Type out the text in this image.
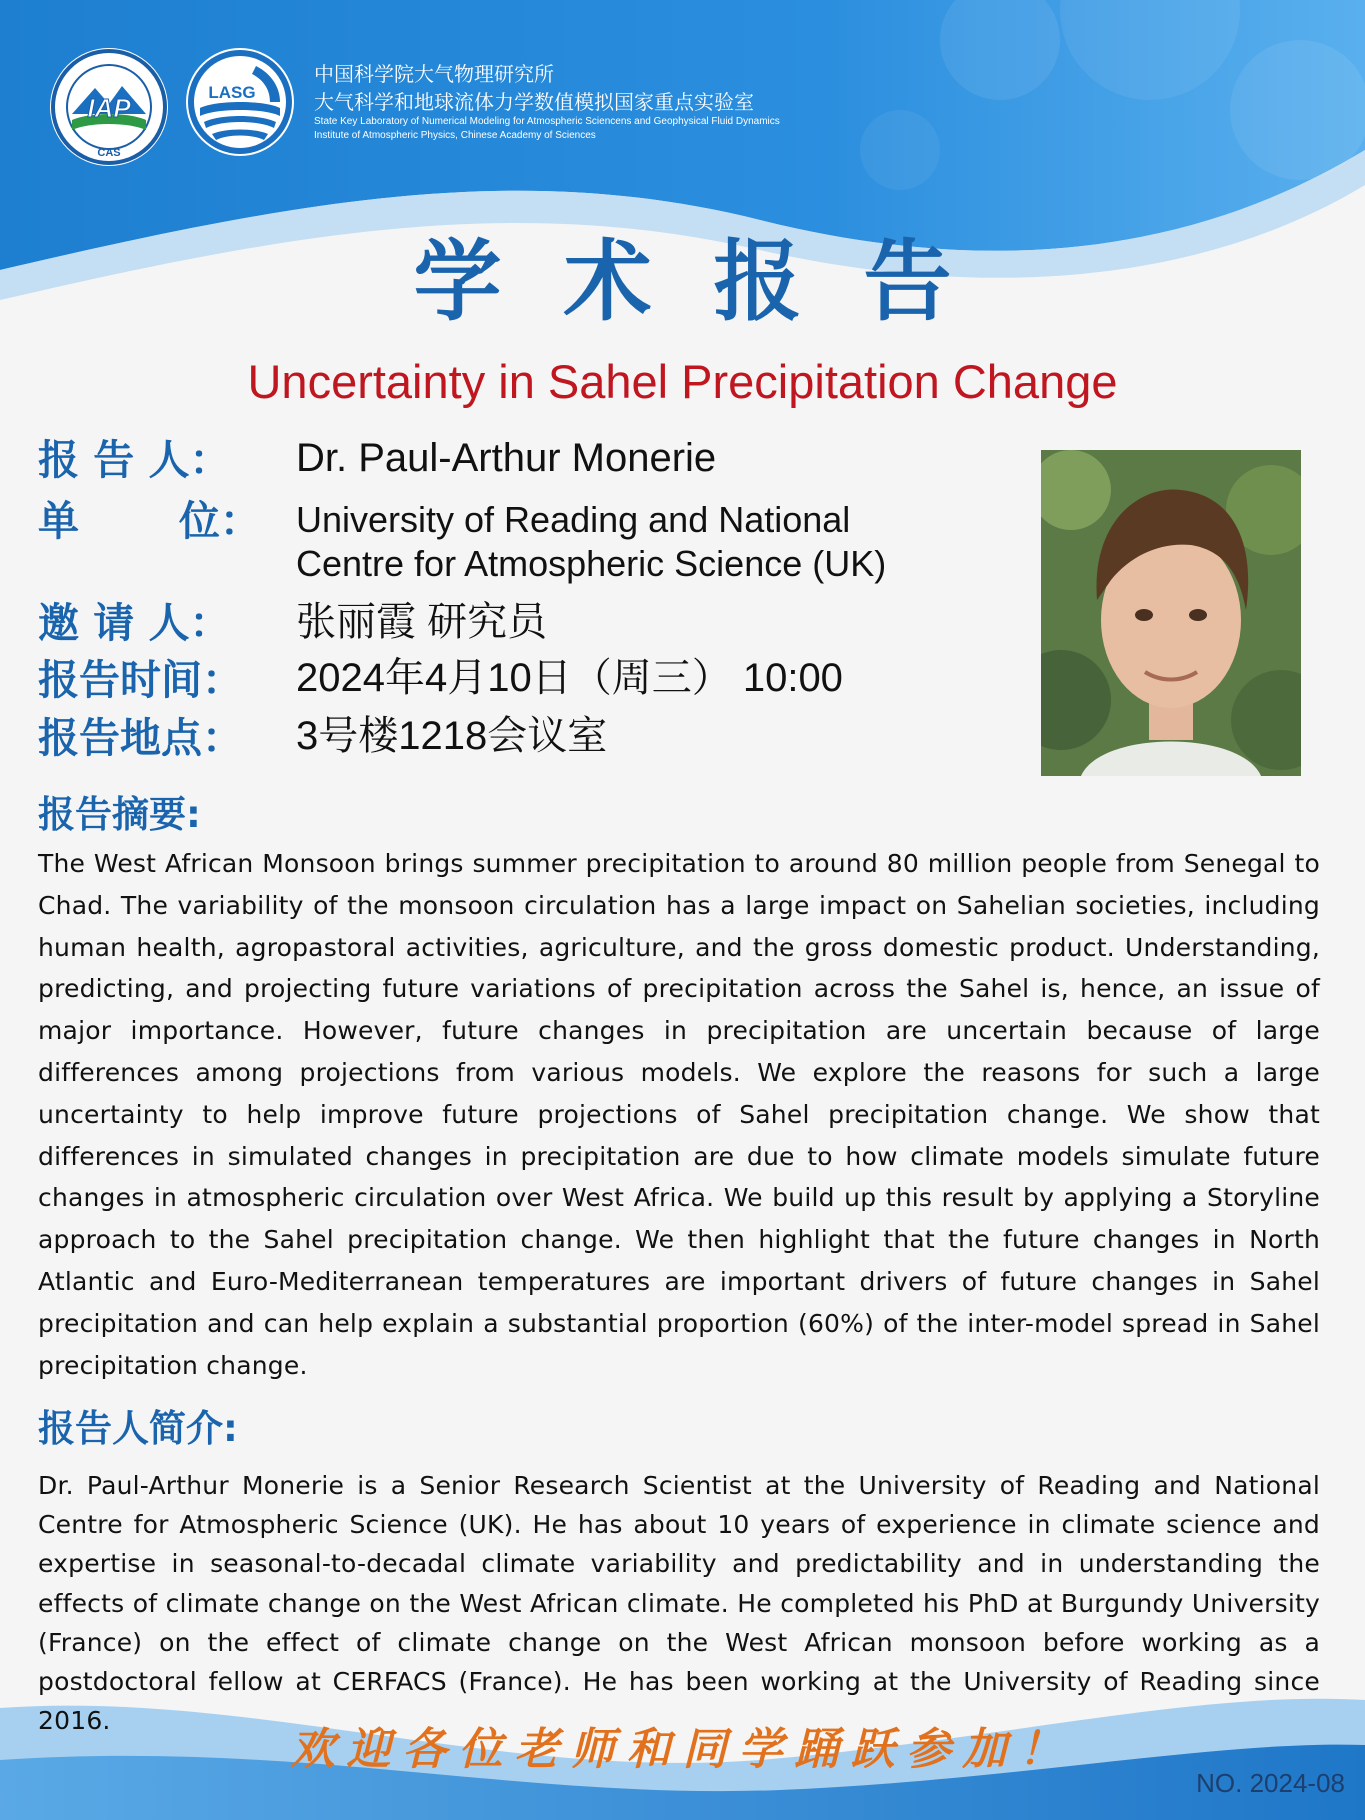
IAP
CAS
LASG
中国科学院大气物理研究所
大气科学和地球流体力学数值模拟国家重点实验室
State Key Laboratory of Numerical Modeling for Atmospheric Sciencens and Geophysical Fluid Dynamics
Institute of Atmospheric Physics, Chinese Academy of Sciences
学术报告
Uncertainty in Sahel Precipitation Change
报 告 人： Dr. Paul-Arthur Monerie
单       位： University of Reading and National
Centre for Atmospheric Science (UK)
邀 请 人： 张丽霞 研究员
报告时间： 2024年4月10日（周三） 10:00
报告地点： 3号楼1218会议室
报告摘要:
The West African Monsoon brings summer precipitation to around 80 million people from Senegal to Chad. The variability of the monsoon circulation has a large impact on Sahelian societies, including human health, agropastoral activities, agriculture, and the gross domestic product. Understanding, predicting, and projecting future variations of precipitation across the Sahel is, hence, an issue of major importance. However, future changes in precipitation are uncertain because of large differences among projections from various models. We explore the reasons for such a large uncertainty to help improve future projections of Sahel precipitation change. We show that differences in simulated changes in precipitation are due to how climate models simulate future changes in atmospheric circulation over West Africa. We build up this result by applying a Storyline approach to the Sahel precipitation change. We then highlight that the future changes in North Atlantic and Euro-Mediterranean temperatures are important drivers of future changes in Sahel precipitation and can help explain a substantial proportion (60%) of the inter-model spread in Sahel precipitation change.
报告人简介:
Dr. Paul-Arthur Monerie is a Senior Research Scientist at the University of Reading and National Centre for Atmospheric Science (UK). He has about 10 years of experience in climate science and expertise in seasonal-to-decadal climate variability and predictability and in understanding the effects of climate change on the West African climate. He completed his PhD at Burgundy University (France) on the effect of climate change on the West African monsoon before working as a postdoctoral fellow at CERFACS (France). He has been working at the University of Reading since 2016.
欢迎各位老师和同学踊跃参加！
NO. 2024-08
